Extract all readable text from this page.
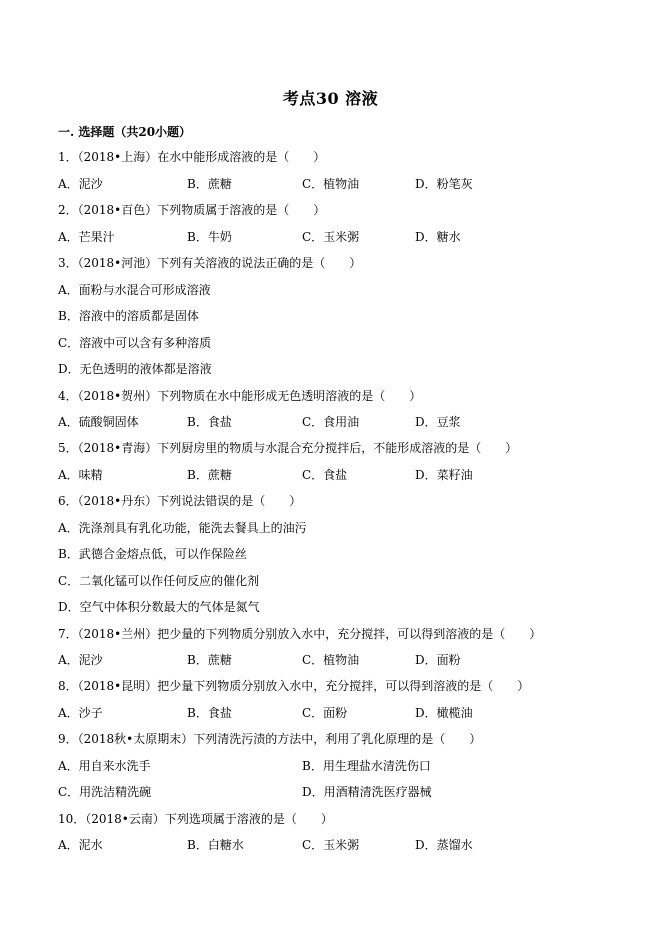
考点30 溶液
一. 选择题（共20小题）
1．（2018•上海）在水中能形成溶液的是（　　）
A．泥沙	B．蔗糖	C．植物油	D．粉笔灰
2．（2018•百色）下列物质属于溶液的是（　　）
A．芒果汁	B．牛奶	C．玉米粥	D．糖水
3．（2018•河池）下列有关溶液的说法正确的是（　　）
A．面粉与水混合可形成溶液
B．溶液中的溶质都是固体
C．溶液中可以含有多种溶质
D．无色透明的液体都是溶液
4．（2018•贺州）下列物质在水中能形成无色透明溶液的是（　　）
A．硫酸铜固体	B．食盐	C．食用油	D．豆浆
5．（2018•青海）下列厨房里的物质与水混合充分搅拌后，不能形成溶液的是（　　）
A．味精	B．蔗糖	C．食盐	D．菜籽油
6．（2018•丹东）下列说法错误的是（　　）
A．洗涤剂具有乳化功能，能洗去餐具上的油污
B．武德合金熔点低，可以作保险丝
C．二氧化锰可以作任何反应的催化剂
D．空气中体积分数最大的气体是氮气
7．（2018•兰州）把少量的下列物质分别放入水中，充分搅拌，可以得到溶液的是（　　）
A．泥沙	B．蔗糖	C．植物油	D．面粉
8．（2018•昆明）把少量下列物质分别放入水中，充分搅拌，可以得到溶液的是（　　）
A．沙子	B．食盐	C．面粉	D．橄榄油
9．（2018秋•太原期末）下列清洗污渍的方法中，利用了乳化原理的是（　　）
A．用自来水洗手	B．用生理盐水清洗伤口
C．用洗洁精洗碗	D．用酒精清洗医疗器械
10．（2018•云南）下列选项属于溶液的是（　　）
A．泥水	B．白糖水	C．玉米粥	D．蒸馏水
